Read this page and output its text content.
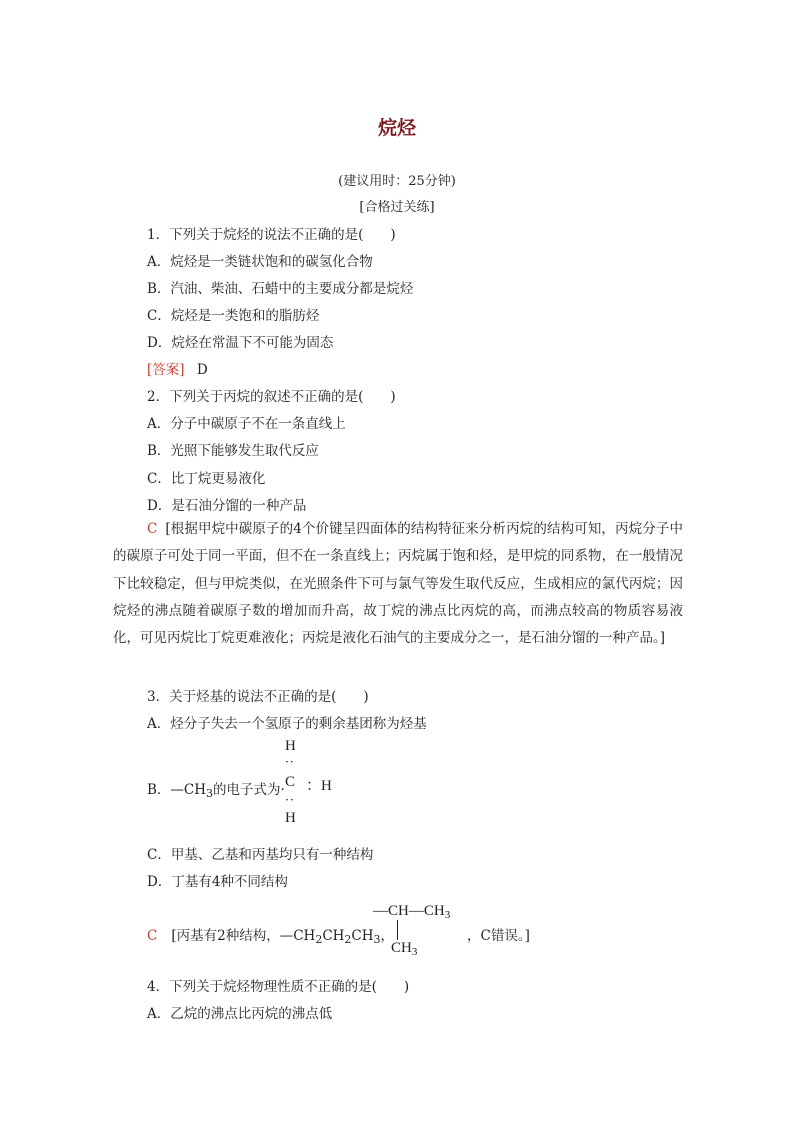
烷烃
(建议用时：25分钟)
[合格过关练]
1．下列关于烷烃的说法不正确的是(　　)
A．烷烃是一类链状饱和的碳氢化合物
B．汽油、柴油、石蜡中的主要成分都是烷烃
C．烷烃是一类饱和的脂肪烃
D．烷烃在常温下不可能为固态
[答案] D
2．下列关于丙烷的叙述不正确的是(　　)
A．分子中碳原子不在一条直线上
B．光照下能够发生取代反应
C．比丁烷更易液化
D．是石油分馏的一种产品
C [根据甲烷中碳原子的4个价键呈四面体的结构特征来分析丙烷的结构可知，丙烷分子中的碳原子可处于同一平面，但不在一条直线上；丙烷属于饱和烃，是甲烷的同系物，在一般情况下比较稳定，但与甲烷类似，在光照条件下可与氯气等发生取代反应，生成相应的氯代丙烷；因烷烃的沸点随着碳原子数的增加而升高，故丁烷的沸点比丙烷的高，而沸点较高的物质容易液化，可见丙烷比丁烷更难液化；丙烷是液化石油气的主要成分之一，是石油分馏的一种产品。]
3．关于烃基的说法不正确的是(　　)
A．烃分子失去一个氢原子的剩余基团称为烃基
B．$—CH_3$的电子式为·
H
··
C ：H
··
H
C．甲基、乙基和丙基均只有一种结构
D．丁基有4种不同结构
C [丙基有2种结构，$—CH_2CH_2CH_3$，
$—CH—CH_3$
$CH_3$
，C错误。]
4．下列关于烷烃物理性质不正确的是(　　)
A．乙烷的沸点比丙烷的沸点低
